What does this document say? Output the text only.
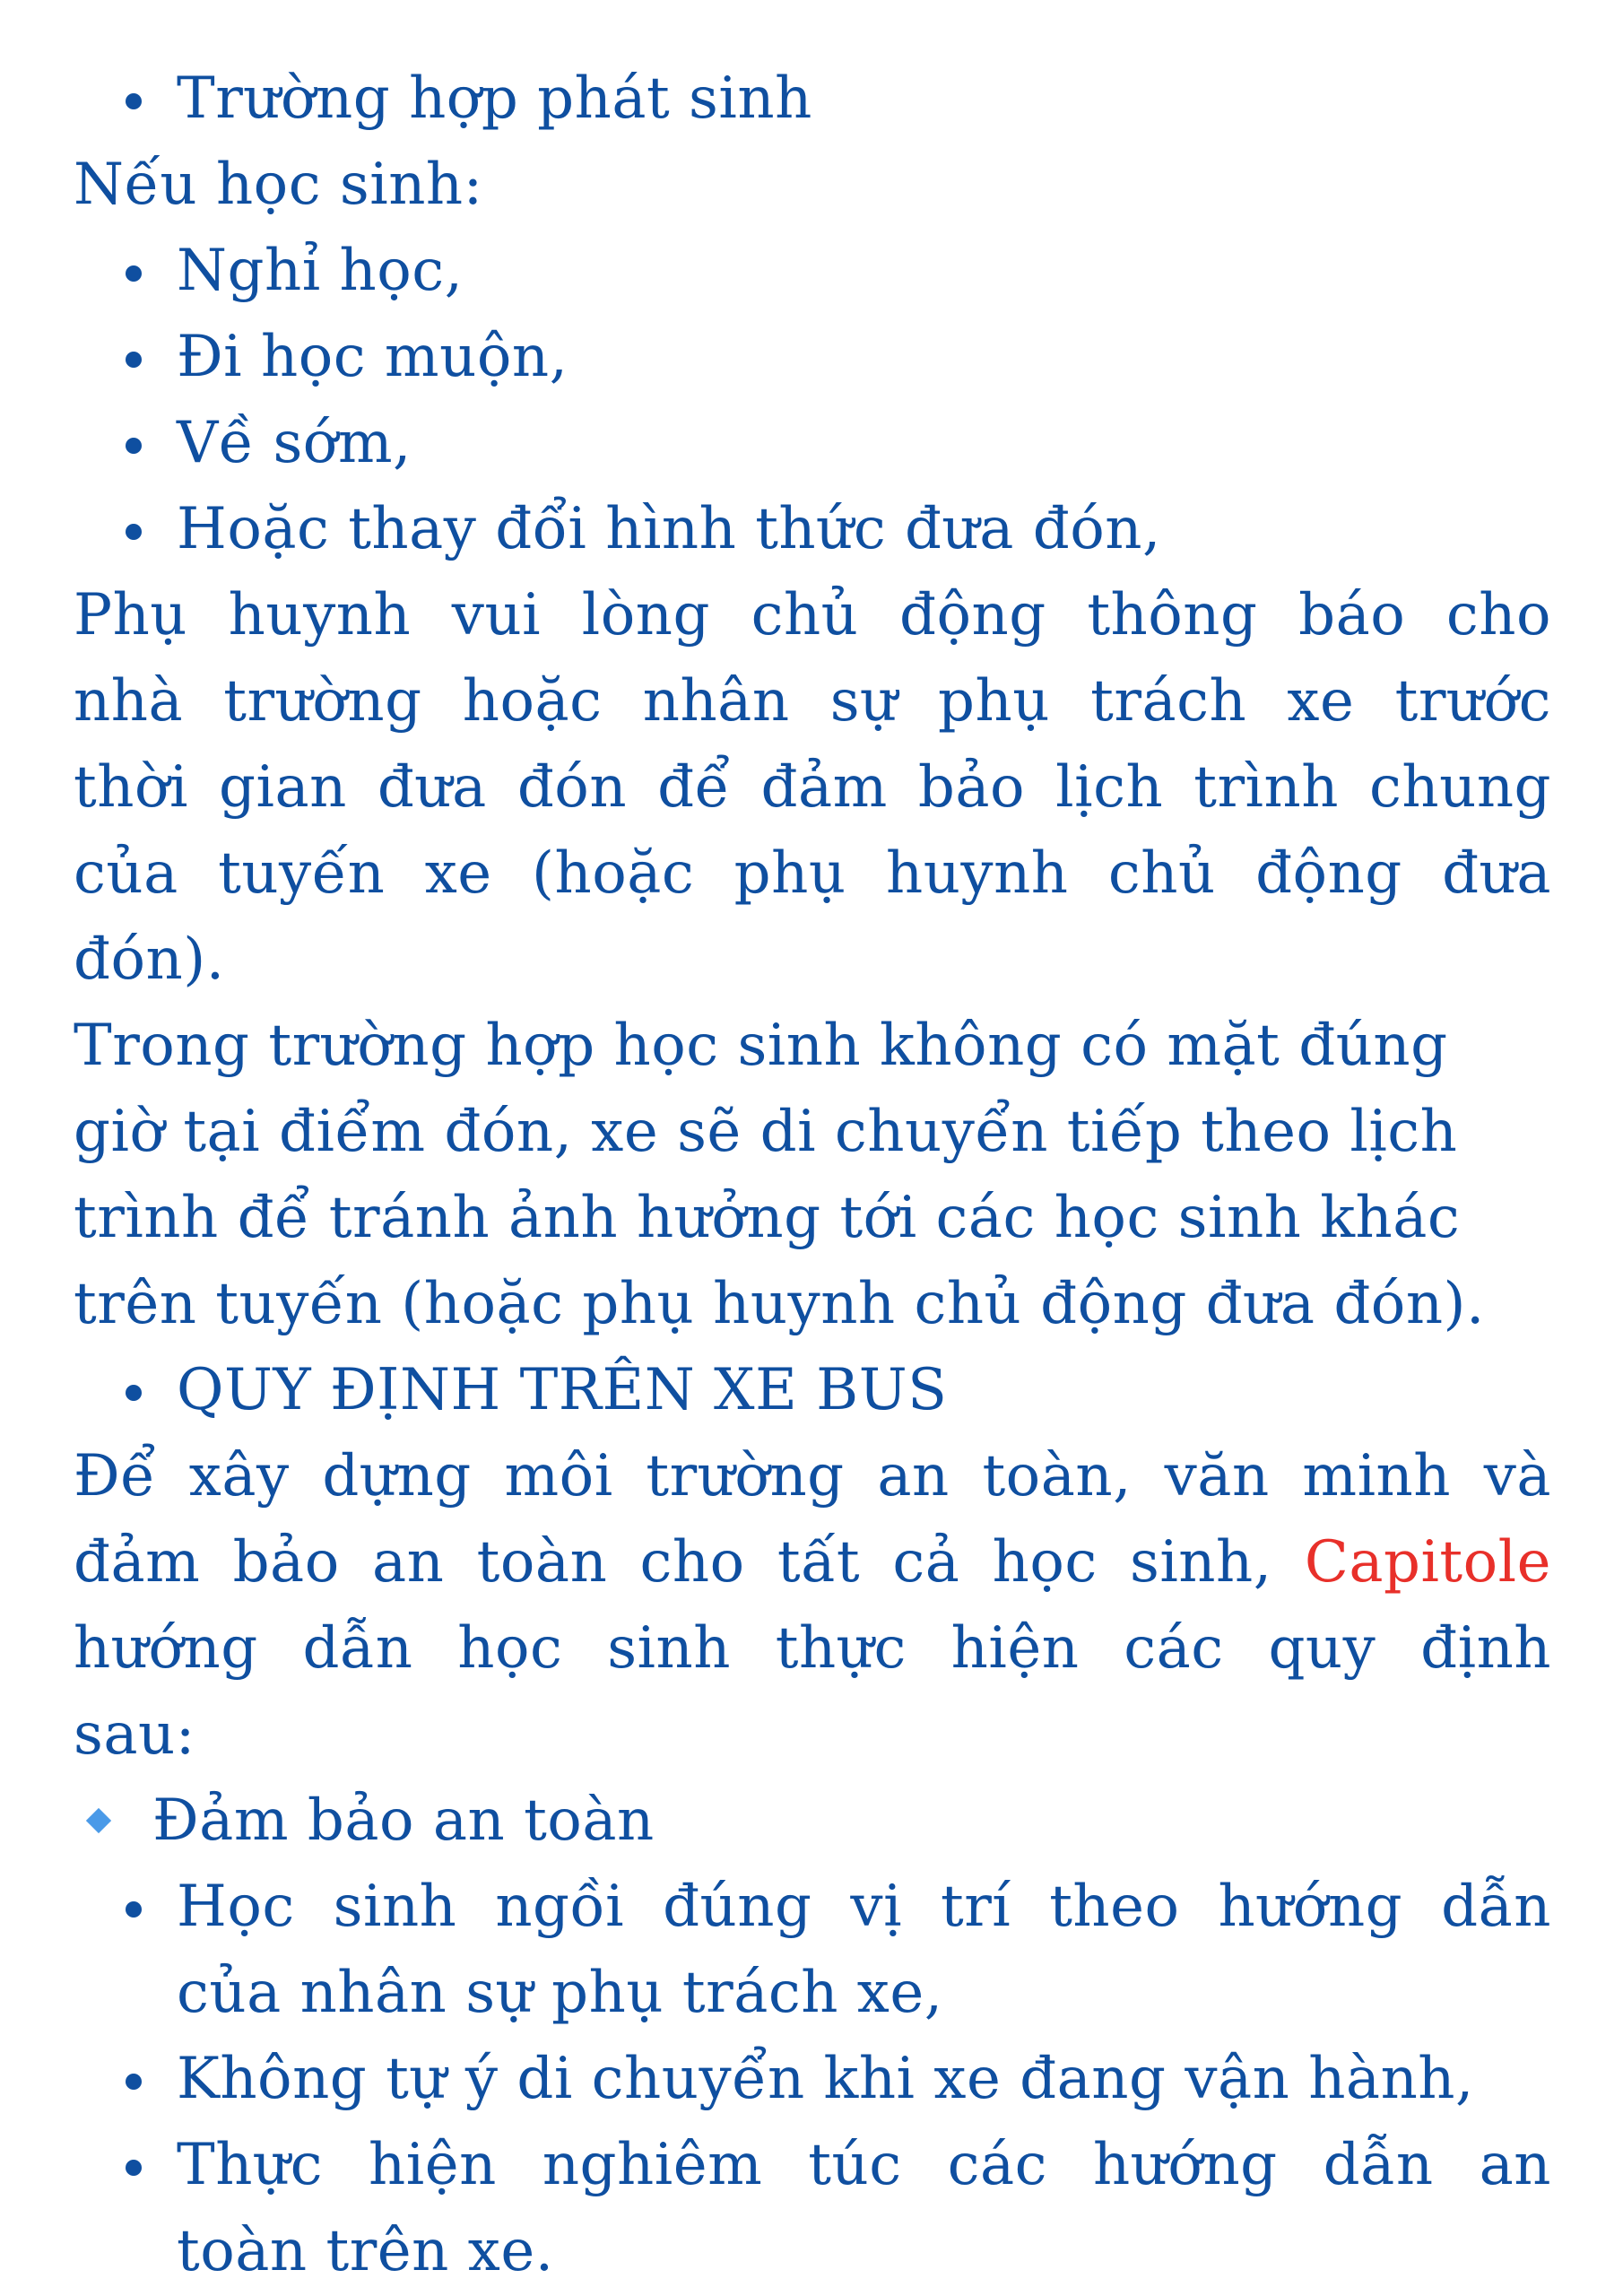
Trường hợp phát sinh
Nếu học sinh:
Nghỉ học,
Đi học muộn,
Về sớm,
Hoặc thay đổi hình thức đưa đón,
Phụ huynh vui lòng chủ động thông báo cho
nhà trường hoặc nhân sự phụ trách xe trước
thời gian đưa đón để đảm bảo lịch trình chung
của tuyến xe (hoặc phụ huynh chủ động đưa
đón).
Trong trường hợp học sinh không có mặt đúng
giờ tại điểm đón, xe sẽ di chuyển tiếp theo lịch
trình để tránh ảnh hưởng tới các học sinh khác
trên tuyến (hoặc phụ huynh chủ động đưa đón).
QUY ĐỊNH TRÊN XE BUS
Để xây dựng môi trường an toàn, văn minh và
đảm bảo an toàn cho tất cả học sinh, Capitole
hướng dẫn học sinh thực hiện các quy định
sau:
Đảm bảo an toàn
Học sinh ngồi đúng vị trí theo hướng dẫn
của nhân sự phụ trách xe,
Không tự ý di chuyển khi xe đang vận hành,
Thực hiện nghiêm túc các hướng dẫn an
toàn trên xe.
